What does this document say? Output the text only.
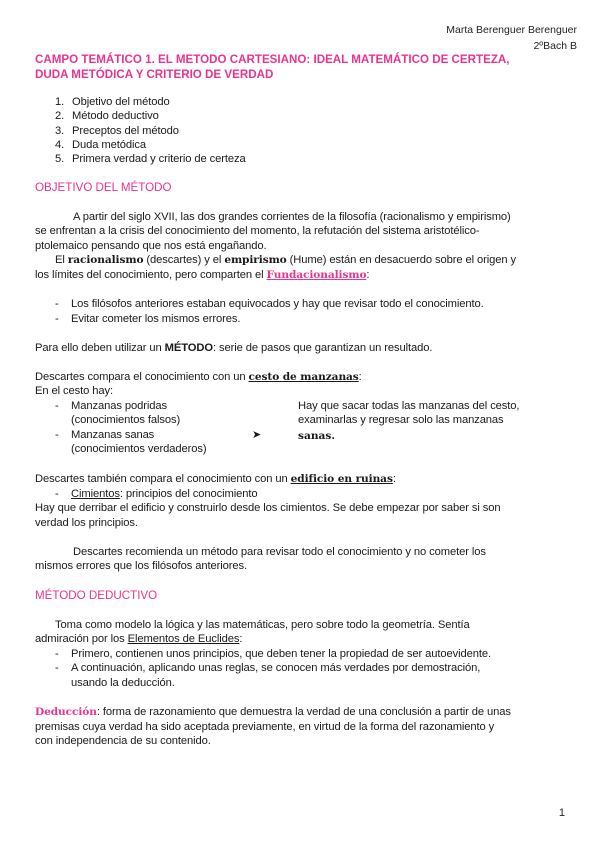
Marta Berenguer Berenguer
2ºBach B
CAMPO TEMÁTICO 1. EL METODO CARTESIANO: IDEAL MATEMÁTICO DE CERTEZA,
DUDA METÓDICA Y CRITERIO DE VERDAD
1. Objetivo del método
2. Método deductivo
3. Preceptos del método
4. Duda metódica
5. Primera verdad y criterio de certeza
OBJETIVO DEL MÉTODO
A partir del siglo XVII, las dos grandes corrientes de la filosofía (racionalismo y empirismo)
se enfrentan a la crisis del conocimiento del momento, la refutación del sistema aristotélico-
ptolemaico pensando que nos está engañando.
El racionalismo (descartes) y el empirismo (Hume) están en desacuerdo sobre el origen y
los límites del conocimiento, pero comparten el Fundacionalismo:
- Los filósofos anteriores estaban equivocados y hay que revisar todo el conocimiento.
- Evitar cometer los mismos errores.
Para ello deben utilizar un MÉTODO: serie de pasos que garantizan un resultado.
Descartes compara el conocimiento con un cesto de manzanas:
En el cesto hay:
- Manzanas podridas
(conocimientos falsos)
- Manzanas sanas
(conocimientos verdaderos)
➤
Hay que sacar todas las manzanas del cesto,
examinarlas y regresar solo las manzanas
sanas.
Descartes también compara el conocimiento con un edificio en ruinas:
- Cimientos: principios del conocimiento
Hay que derribar el edificio y construirlo desde los cimientos. Se debe empezar por saber si son
verdad los principios.
Descartes recomienda un método para revisar todo el conocimiento y no cometer los
mismos errores que los filósofos anteriores.
MÉTODO DEDUCTIVO
Toma como modelo la lógica y las matemáticas, pero sobre todo la geometría. Sentía
admiración por los Elementos de Euclides:
- Primero, contienen unos principios, que deben tener la propiedad de ser autoevidente.
- A continuación, aplicando unas reglas, se conocen más verdades por demostración,
usando la deducción.
Deducción: forma de razonamiento que demuestra la verdad de una conclusión a partir de unas
premisas cuya verdad ha sido aceptada previamente, en virtud de la forma del razonamiento y
con independencia de su contenido.
1
